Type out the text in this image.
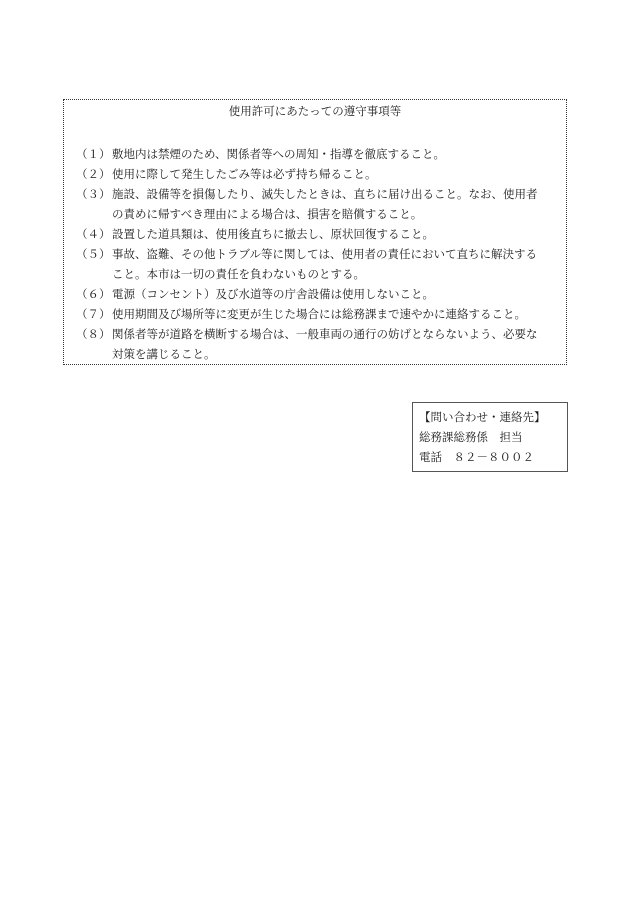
使用許可にあたっての遵守事項等
（１） 敷地内は禁煙のため、関係者等への周知・指導を徹底すること。
（２） 使用に際して発生したごみ等は必ず持ち帰ること。
（３） 施設、設備等を損傷したり、滅失したときは、直ちに届け出ること。なお、使用者
の責めに帰すべき理由による場合は、損害を賠償すること。
（４） 設置した道具類は、使用後直ちに撤去し、原状回復すること。
（５） 事故、盗難、その他トラブル等に関しては、使用者の責任において直ちに解決する
こと。本市は一切の責任を負わないものとする。
（６） 電源（コンセント）及び水道等の庁舎設備は使用しないこと。
（７） 使用期間及び場所等に変更が生じた場合には総務課まで速やかに連絡すること。
（８） 関係者等が道路を横断する場合は、一般車両の通行の妨げとならないよう、必要な
対策を講じること。
【問い合わせ・連絡先】
総務課総務係　担当
電話　８２－８００２
